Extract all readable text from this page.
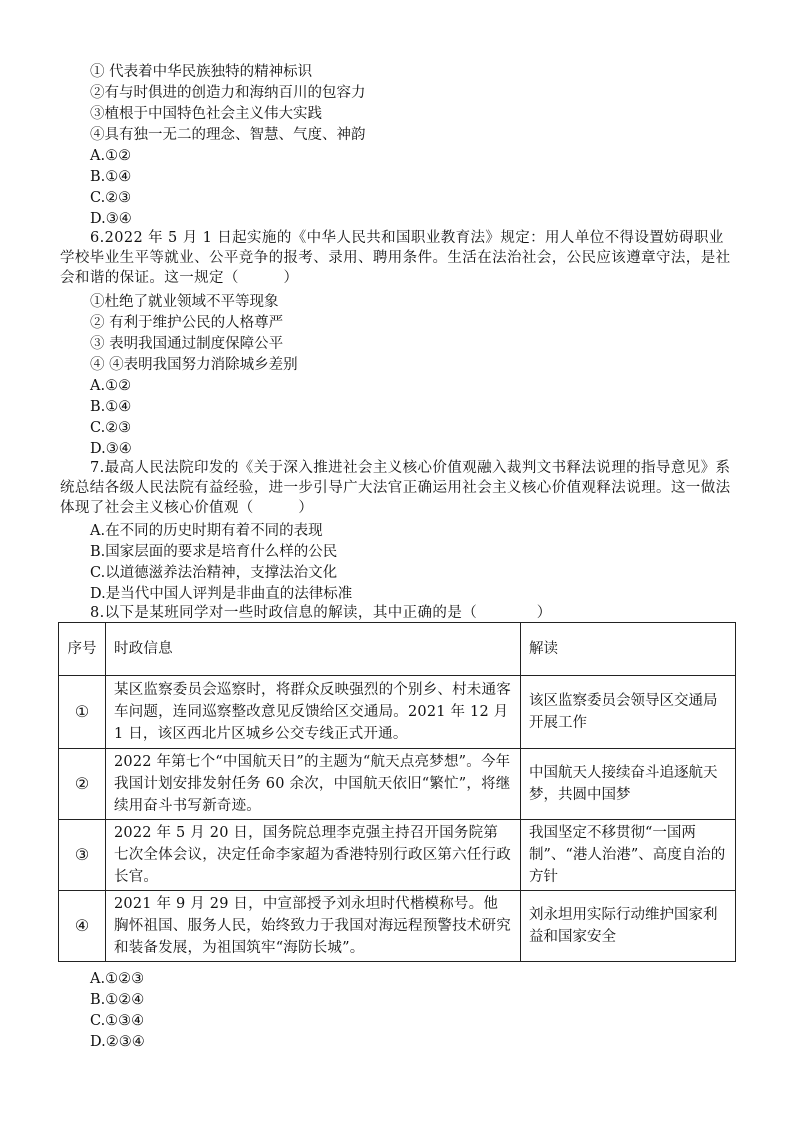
① 代表着中华民族独特的精神标识
②有与时俱进的创造力和海纳百川的包容力
③植根于中国特色社会主义伟大实践
④具有独一无二的理念、智慧、气度、神韵
A.①②
B.①④
C.②③
D.③④
6.2022 年 5 月 1 日起实施的《中华人民共和国职业教育法》规定：用人单位不得设置妨碍职业学校毕业生平等就业、公平竞争的报考、录用、聘用条件。生活在法治社会，公民应该遵章守法，是社会和谐的保证。这一规定（　　　）
①杜绝了就业领域不平等现象
② 有利于维护公民的人格尊严
③ 表明我国通过制度保障公平
④ ④表明我国努力消除城乡差别
A.①②
B.①④
C.②③
D.③④
7.最高人民法院印发的《关于深入推进社会主义核心价值观融入裁判文书释法说理的指导意见》系统总结各级人民法院有益经验，进一步引导广大法官正确运用社会主义核心价值观释法说理。这一做法体现了社会主义核心价值观（　　　）
A.在不同的历史时期有着不同的表现
B.国家层面的要求是培育什么样的公民
C.以道德滋养法治精神，支撑法治文化
D.是当代中国人评判是非曲直的法律标准
8.以下是某班同学对一些时政信息的解读，其中正确的是（　　　　）
序号	时政信息	解读
①	某区监察委员会巡察时，将群众反映强烈的个别乡、村未通客车问题，连同巡察整改意见反馈给区交通局。2021 年 12 月 1 日，该区西北片区城乡公交专线正式开通。	该区监察委员会领导区交通局开展工作
②	2022 年第七个“中国航天日”的主题为“航天点亮梦想”。今年我国计划安排发射任务 60 余次，中国航天依旧“繁忙”，将继续用奋斗书写新奇迹。	中国航天人接续奋斗追逐航天梦，共圆中国梦
③	2022 年 5 月 20 日，国务院总理李克强主持召开国务院第七次全体会议，决定任命李家超为香港特别行政区第六任行政长官。	我国坚定不移贯彻“一国两制”、“港人治港”、高度自治的方针
④	2021 年 9 月 29 日，中宣部授予刘永坦时代楷模称号。他胸怀祖国、服务人民，始终致力于我国对海远程预警技术研究和装备发展，为祖国筑牢“海防长城”。	刘永坦用实际行动维护国家利益和国家安全
A.①②③
B.①②④
C.①③④
D.②③④
